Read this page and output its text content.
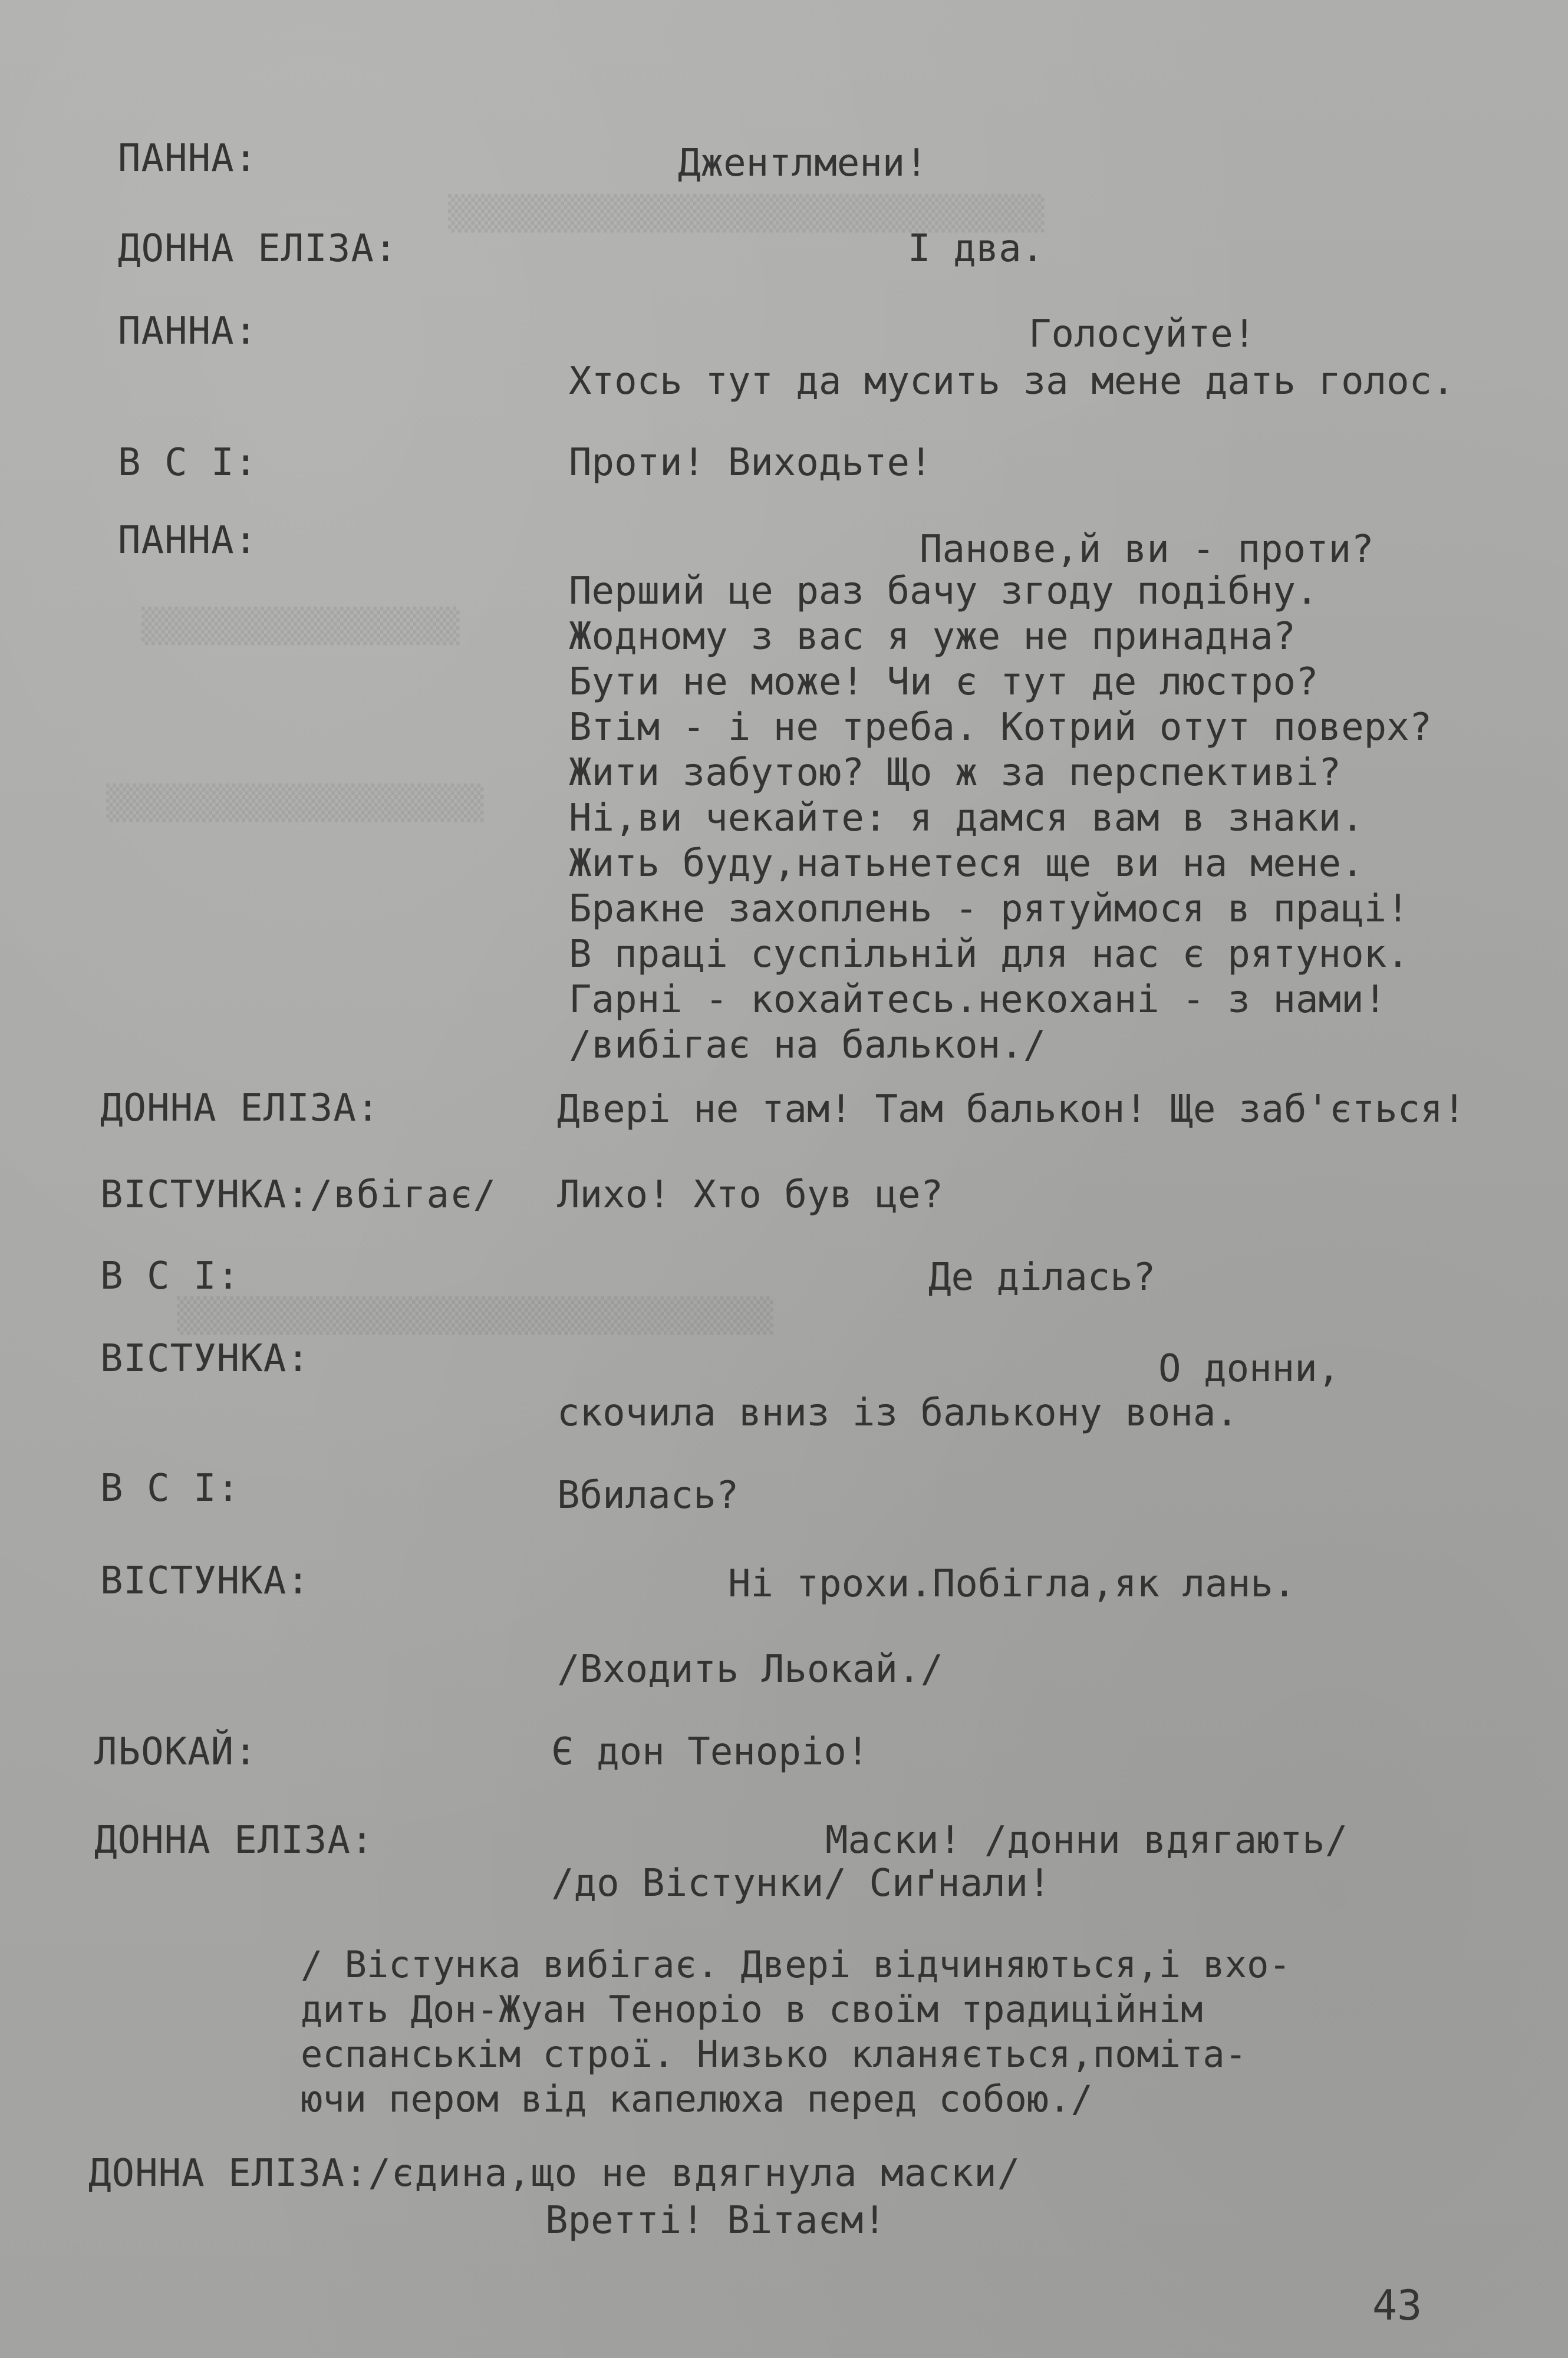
▒▒▒▒▒▒▒▒▒▒▒▒▒▒▒▒▒▒▒▒▒▒▒▒▒▒▒▒▒▒
▒▒▒▒▒▒▒▒▒▒▒▒▒▒▒▒
▒▒▒▒▒▒▒▒▒▒▒▒▒▒▒▒▒▒▒
▒▒▒▒▒▒▒▒▒▒▒▒▒▒▒▒▒▒▒▒▒▒▒▒▒▒▒▒▒▒
ПАННА:
ДОННА ЕЛІЗА:
ПАННА:
В С І:
ПАННА:
ДОННА ЕЛІЗА:
ВІСТУНКА:/вбігає/
В С І:
ВІСТУНКА:
В С І:
ВІСТУНКА:
ЛЬОКАЙ:
ДОННА ЕЛІЗА:
ДОННА ЕЛІЗА:/єдина,що не вдягнула маски/
Джентлмени!
І два.
Голосуйте!
Хтось тут да мусить за мене дать голос.
Проти! Виходьте!
Панове,й ви - проти?
Перший це раз бачу згоду подібну.
Жодному з вас я уже не принадна?
Бути не може! Чи є тут де люстро?
Втім - і не треба. Котрий отут поверх?
Жити забутою? Що ж за перспективі?
Ні,ви чекайте: я дамся вам в знаки.
Жить буду,натьнетеся ще ви на мене.
Бракне захоплень - рятуймося в праці!
В праці суспільній для нас є рятунок.
Гарні - кохайтесь.некохані - з нами!
/вибігає на балькон./
Двері не там! Там балькон! Ще заб'ється!
Лихо! Хто був це?
Де ділась?
О донни,
скочила вниз із бальконy вона.
Вбилась?
Ні трохи.Побігла,як лань.
/Входить Льокай./
Є дон Теноріо!
Маски! /донни вдягають/
/до Вістунки/ Сиґнали!
/ Вістунка вибігає. Двері відчиняються,і вхо-
дить Дон-Жуан Теноріо в своїм традиційнім
еспанськім строї. Низько кланяється,поміта-
ючи пером від капелюха перед собою./
Вретті! Вітаєм!
43
